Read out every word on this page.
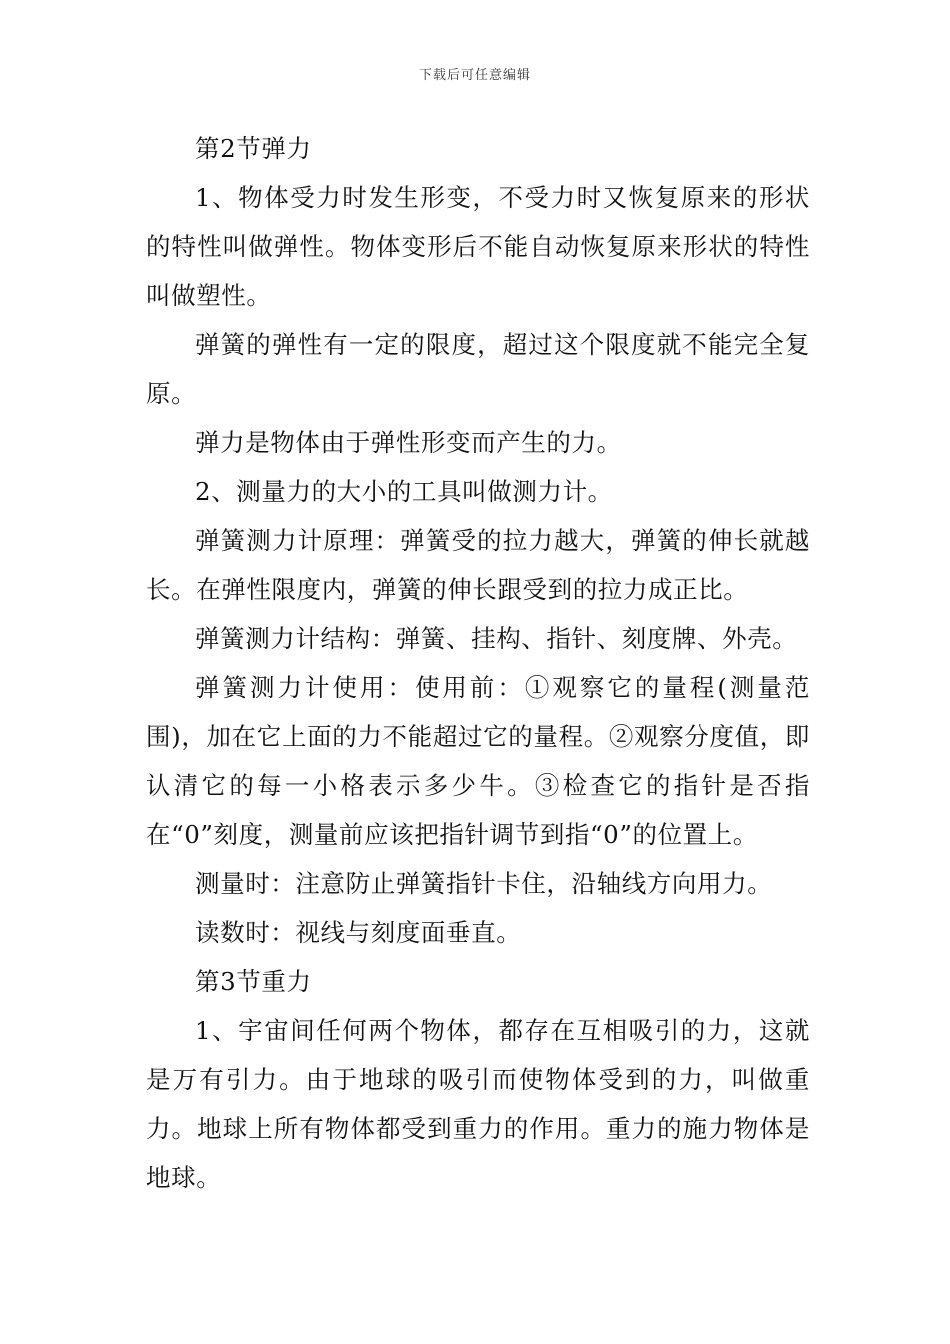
下载后可任意编辑

第2节弹力

1、物体受力时发生形变，不受力时又恢复原来的形状的特性叫做弹性。物体变形后不能自动恢复原来形状的特性叫做塑性。

弹簧的弹性有一定的限度，超过这个限度就不能完全复原。

弹力是物体由于弹性形变而产生的力。

2、测量力的大小的工具叫做测力计。

弹簧测力计原理：弹簧受的拉力越大，弹簧的伸长就越长。在弹性限度内，弹簧的伸长跟受到的拉力成正比。

弹簧测力计结构：弹簧、挂构、指针、刻度牌、外壳。

弹簧测力计使用：使用前：①观察它的量程(测量范围)，加在它上面的力不能超过它的量程。②观察分度值，即认清它的每一小格表示多少牛。③检查它的指针是否指在“0”刻度，测量前应该把指针调节到指“0”的位置上。

测量时：注意防止弹簧指针卡住，沿轴线方向用力。

读数时：视线与刻度面垂直。

第3节重力

1、宇宙间任何两个物体，都存在互相吸引的力，这就是万有引力。由于地球的吸引而使物体受到的力，叫做重力。地球上所有物体都受到重力的作用。重力的施力物体是地球。
